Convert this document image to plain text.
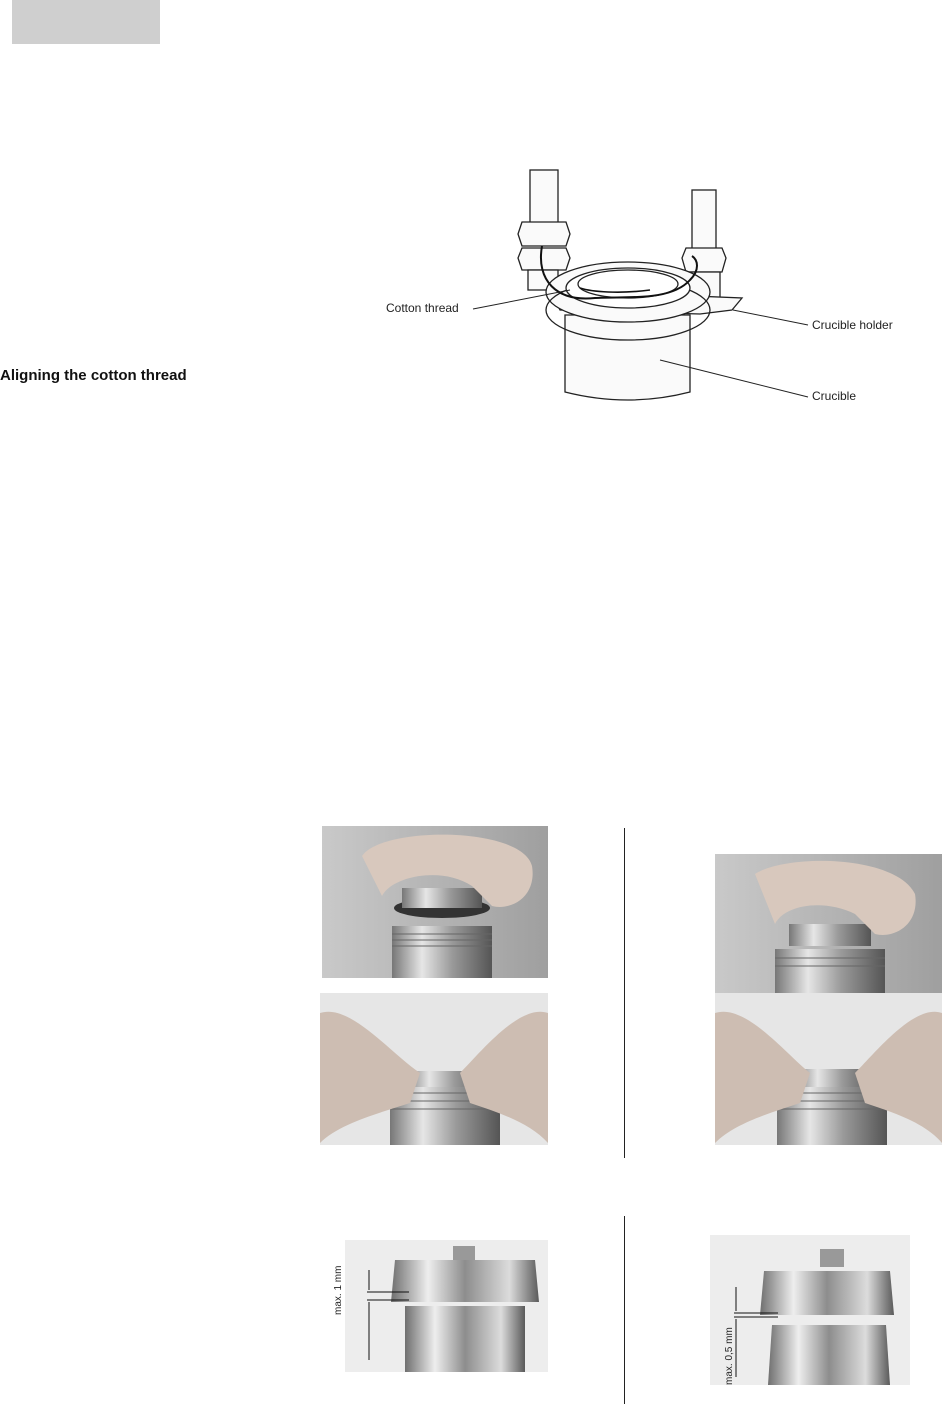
Aligning the cotton thread
Cotton thread
Crucible holder
Crucible
max. 1 mm
max. 0,5 mm
